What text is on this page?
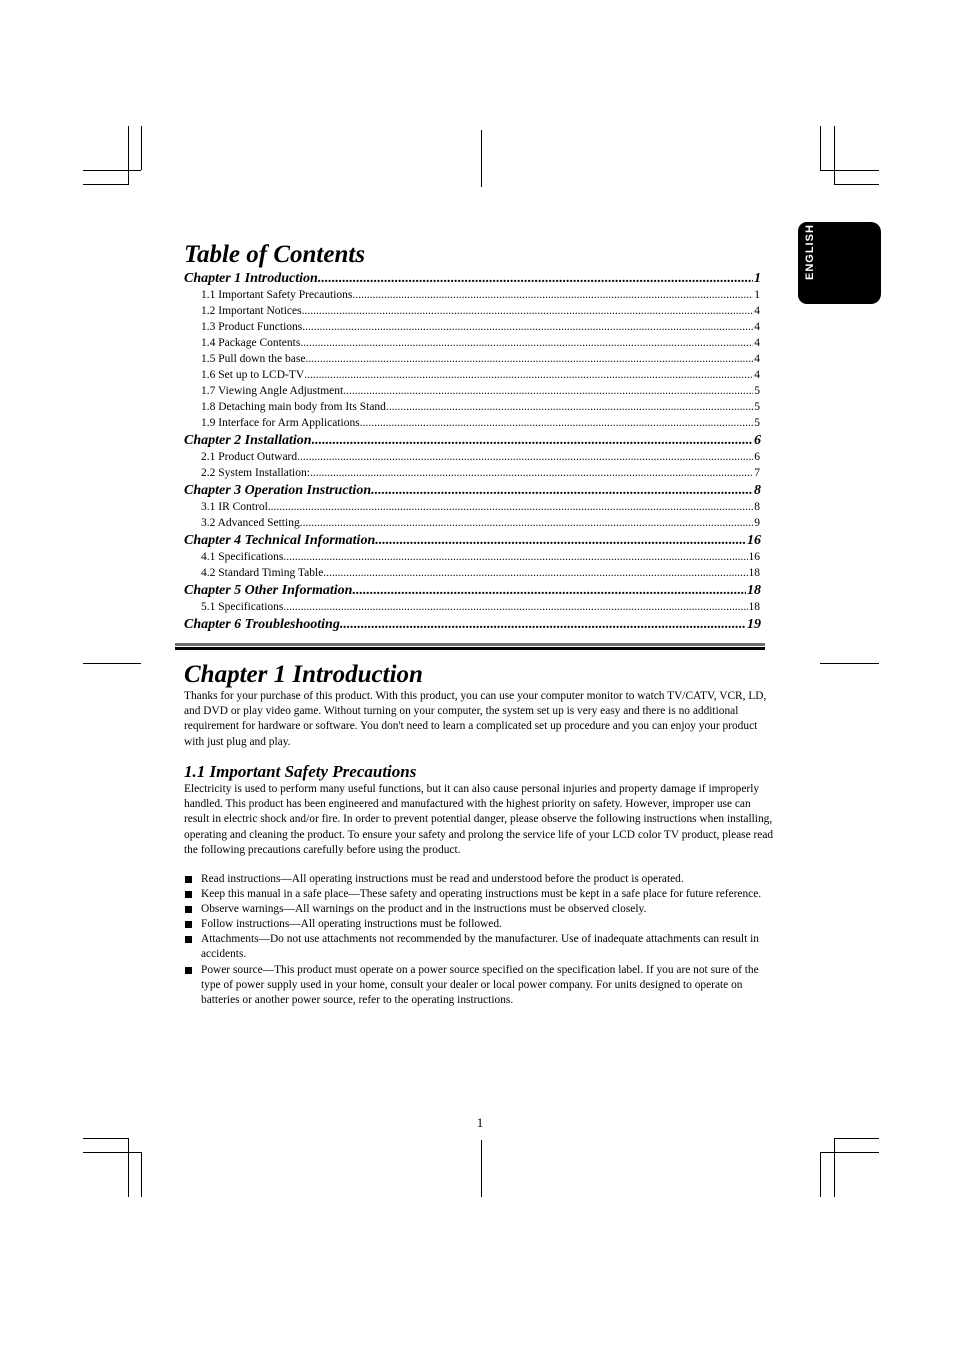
ENGLISH
Table of Contents
Chapter 1 Introduction .....	1
1.1 Important Safety Precautions .....	1
1.2 Important Notices .....	4
1.3 Product Functions .....	4
1.4 Package Contents .....	4
1.5 Pull down the base .....	4
1.6 Set up to LCD-TV .....	4
1.7 Viewing Angle Adjustment .....	5
1.8 Detaching main body from Its Stand .....	5
1.9 Interface for Arm Applications .....	5
Chapter 2 Installation .....	6
2.1 Product Outward .....	6
2.2 System Installation: .....	7
Chapter 3 Operation Instruction .....	8
3.1 IR Control .....	8
3.2 Advanced Setting .....	9
Chapter 4 Technical Information .....	16
4.1 Specifications .....	16
4.2 Standard Timing Table .....	18
Chapter 5 Other Information .....	18
5.1 Specifications .....	18
Chapter 6 Troubleshooting .....	19
Chapter 1 Introduction

Thanks for your purchase of this product. With this product, you can use your computer monitor to watch TV/CATV, VCR, LD, and DVD or play video game. Without turning on your computer, the system set up is very easy and there is no additional requirement for hardware or software. You don't need to learn a complicated set up procedure and you can enjoy your product with just plug and play.

1.1 Important Safety Precautions

Electricity is used to perform many useful functions, but it can also cause personal injuries and property damage if improperly handled. This product has been engineered and manufactured with the highest priority on safety. However, improper use can result in electric shock and/or fire. In order to prevent potential danger, please observe the following instructions when installing, operating and cleaning the product. To ensure your safety and prolong the service life of your LCD color TV product, please read the following precautions carefully before using the product.

Read instructions—All operating instructions must be read and understood before the product is operated.
Keep this manual in a safe place—These safety and operating instructions must be kept in a safe place for future reference.
Observe warnings—All warnings on the product and in the instructions must be observed closely.
Follow instructions—All operating instructions must be followed.
Attachments—Do not use attachments not recommended by the manufacturer. Use of inadequate attachments can result in accidents.
Power source—This product must operate on a power source specified on the specification label. If you are not sure of the type of power supply used in your home, consult your dealer or local power company. For units designed to operate on batteries or another power source, refer to the operating instructions.
1
